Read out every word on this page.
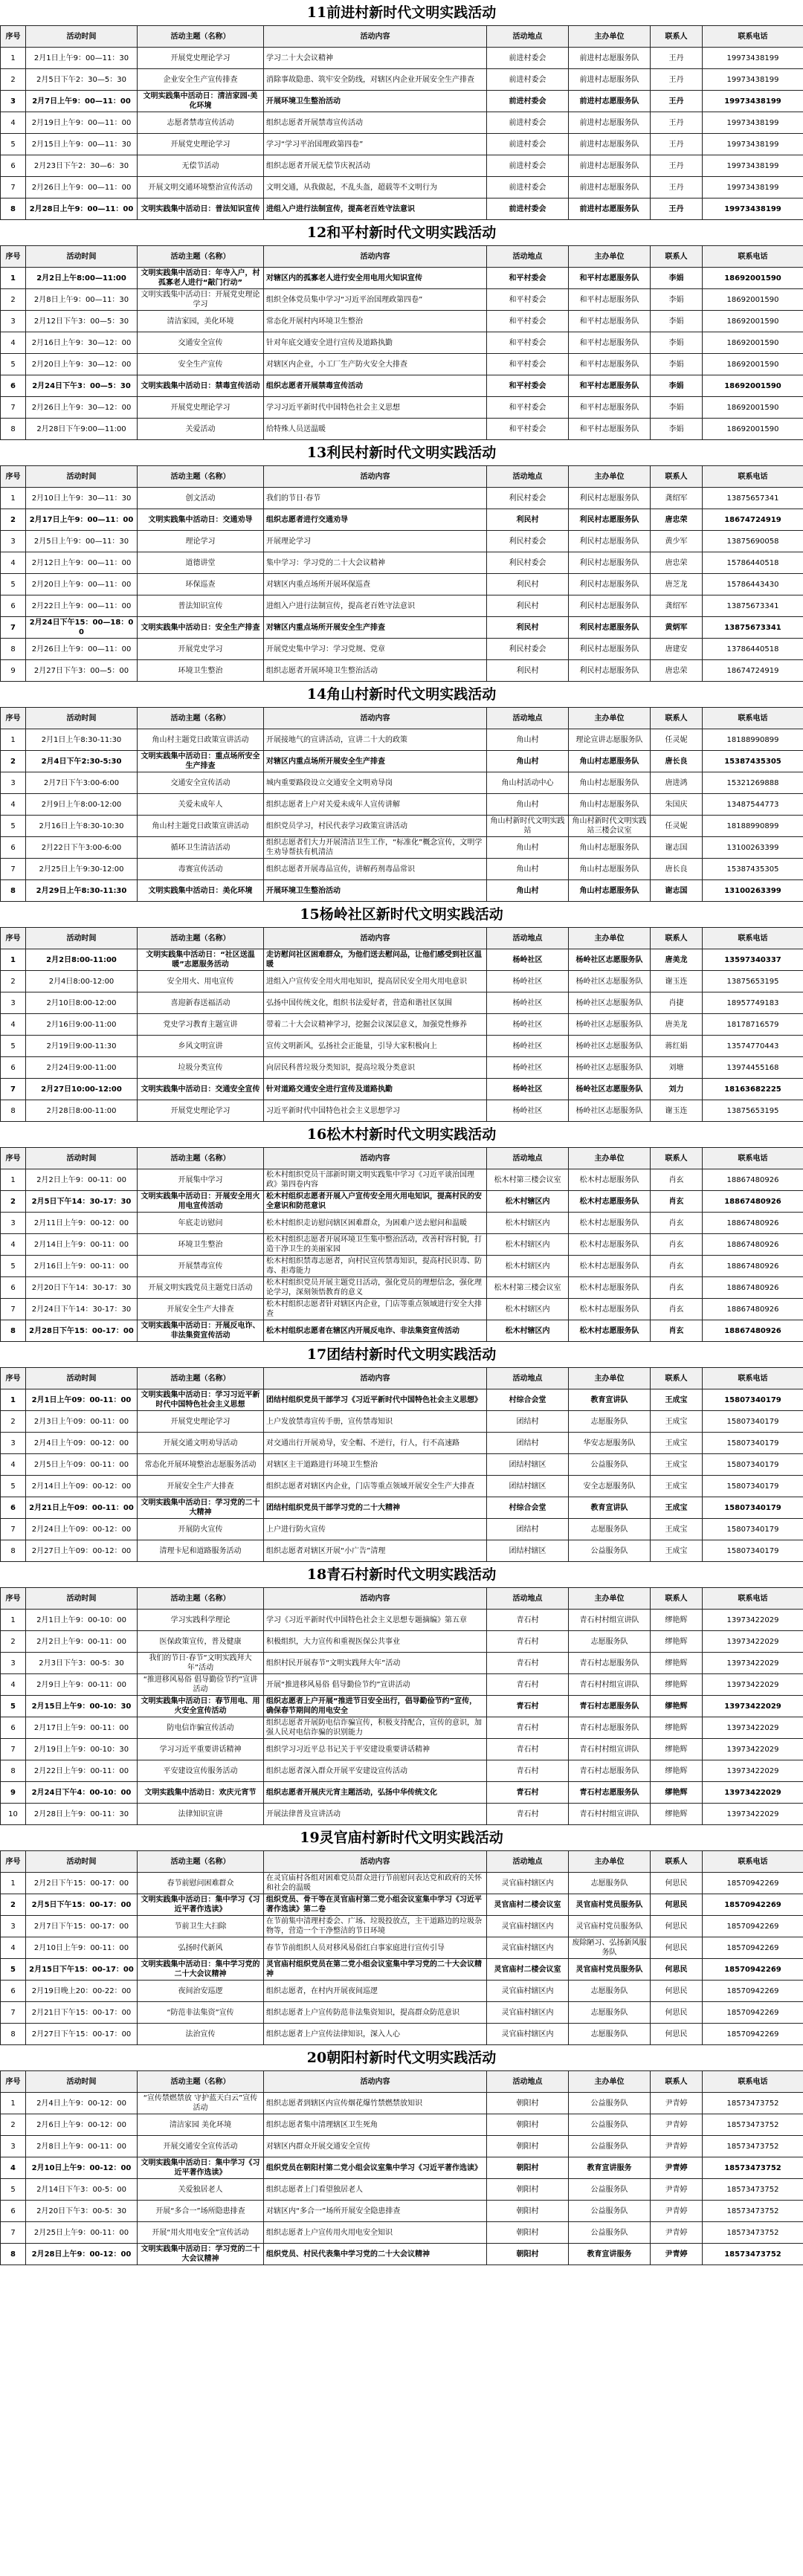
11前进村新时代文明实践活动
序号	活动时间	活动主题（名称）	活动内容	活动地点	主办单位	联系人	联系电话
1	2月1日上午9：00—11：30	开展党史理论学习	学习二十大会议精神	前进村委会	前进村志愿服务队	王丹	19973438199
2	2月5日下午2：30—5：30	企业安全生产宣传排查	消除事故隐患、筑牢安全防线，对辖区内企业开展安全生产排查	前进村委会	前进村志愿服务队	王丹	19973438199
3	2月7日上午9：00—11：00	文明实践集中活动日：清洁家园·美化环境	开展环境卫生整治活动	前进村委会	前进村志愿服务队	王丹	19973438199
4	2月19日上午9：00—11：00	志愿者禁毒宣传活动	组织志愿者开展禁毒宣传活动	前进村委会	前进村志愿服务队	王丹	19973438199
5	2月15日上午9：00—11：30	开展党史理论学习	学习“学习平治国理政第四卷”	前进村委会	前进村志愿服务队	王丹	19973438199
6	2月23日下午2：30—6：30	无偿节活动	组织志愿者开展无偿节庆祝活动	前进村委会	前进村志愿服务队	王丹	19973438199
7	2月26日上午9：00—11：00	开展文明交通环境整治宣传活动	文明交通，从我做起，不乱头盔，超载等不文明行为	前进村委会	前进村志愿服务队	王丹	19973438199
8	2月28日上午9：00—11：00	文明实践集中活动日：普法知识宣传	进组入户进行法制宣传，提高老百姓守法意识	前进村委会	前进村志愿服务队	王丹	19973438199
12和平村新时代文明实践活动
序号	活动时间	活动主题（名称）	活动内容	活动地点	主办单位	联系人	联系电话
1	2月2日上午8:00—11:00	文明实践集中活动日：年寺入户，村孤寡老人进行“敲门行动”	对辖区内的孤寡老人进行安全用电用火知识宣传	和平村委会	和平村志愿服务队	李娟	18692001590
2	2月8日上午9：00—11：30	文明实践集中活动日：开展党史理论学习	组织全体党员集中学习“习近平治国理政第四卷”	和平村委会	和平村志愿服务队	李娟	18692001590
3	2月12日下午3：00—5：30	清洁家园，美化环境	常态化开展村内环境卫生整治	和平村委会	和平村志愿服务队	李娟	18692001590
4	2月16日上午9：30—12：00	交通安全宣传	针对年底交通安全进行宣传及道路执勤	和平村委会	和平村志愿服务队	李娟	18692001590
5	2月20日上午9：30—12：00	安全生产宣传	对辖区内企业，小工厂生产防火安全大排查	和平村委会	和平村志愿服务队	李娟	18692001590
6	2月24日下午3：00—5：30	文明实践集中活动日：禁毒宣传活动	组织志愿者开展禁毒宣传活动	和平村委会	和平村志愿服务队	李娟	18692001590
7	2月26日上午9：30—12：00	开展党史理论学习	学习习近平新时代中国特色社会主义思想	和平村委会	和平村志愿服务队	李娟	18692001590
8	2月28日下午9:00—11:00	关爱活动	给特殊人员送温暖	和平村委会	和平村志愿服务队	李娟	18692001590
13利民村新时代文明实践活动
序号	活动时间	活动主题（名称）	活动内容	活动地点	主办单位	联系人	联系电话
1	2月10日上午9：30—11：30	创文活动	我们的节日·春节	利民村委会	利民村志愿服务队	龚绍军	13875657341
2	2月17日上午9：00—11：00	文明实践集中活动日：交通劝导	组织志愿者进行交通劝导	利民村	利民村志愿服务队	唐忠荣	18674724919
3	2月5日上午9：00—11：30	理论学习	开展理论学习	利民村委会	利民村志愿服务队	黄少军	13875690058
4	2月12日上午9：00—11：00	道德讲堂	集中学习：学习党的二十大会议精神	利民村委会	利民村志愿服务队	唐忠荣	15786440518
5	2月20日上午9：00—11：00	环保巡查	对辖区内重点场所开展环保巡查	利民村	利民村志愿服务队	唐芝龙	15786443430
6	2月22日上午9：00—11：00	普法知识宣传	进组入户进行法制宣传，提高老百姓守法意识	利民村	利民村志愿服务队	龚绍军	13875673341
7	2月24日下午15：00—18：00	文明实践集中活动日：安全生产排查	对辖区内重点场所开展安全生产排查	利民村	利民村志愿服务队	黄炳军	13875673341
8	2月26日上午9：00—11：00	开展党史学习	开展党史集中学习：学习党规、党章	利民村委会	利民村志愿服务队	唐建安	13786440518
9	2月27日下午3：00—5：00	环境卫生整治	组织志愿者开展环境卫生整治活动	利民村	利民村志愿服务队	唐忠荣	18674724919
14角山村新时代文明实践活动
序号	活动时间	活动主题（名称）	活动内容	活动地点	主办单位	联系人	联系电话
1	2月1日上午8:30-11:30	角山村主题党日政策宣讲活动	开展接地气的宣讲活动，宣讲二十大的政策	角山村	理论宣讲志愿服务队	任灵妮	18188990899
2	2月4日下午2:30-5:30	文明实践集中活动日：重点场所安全生产排查	对辖区内重点场所开展安全生产排查	角山村	角山村志愿服务队	唐长良	15387435305
3	2月7日下午3:00-6:00	交通安全宣传活动	城内重要路段设立交通安全文明劝导岗	角山村活动中心	角山村志愿服务队	唐进鸿	15321269888
4	2月9日上午8:00-12:00	关爱未成年人	组织志愿者上户对关爱未成年人宣传讲解	角山村	角山村志愿服务队	朱国庆	13487544773
5	2月16日上午8:30-10:30	角山村主题党日政策宣讲活动	组织党员学习，村民代表学习政策宣讲活动	角山村新时代文明实践站	角山村新时代文明实践站三楼会议室	任灵妮	18188990899
6	2月22日下午3:00-6:00	循环卫生清洁活动	组织志愿者们大力开展清洁卫生工作，“标准化”概念宣传，文明学生劝导帮扶有机清洁	角山村	角山村志愿服务队	谢志国	13100263399
7	2月25日上午9:30-12:00	毒赛宣传活动	组织志愿者开展毒品宣传，讲解药剂毒品常识	角山村	角山村志愿服务队	唐长良	15387435305
8	2月29日上午8:30-11:30	文明实践集中活动日：美化环境	开展环境卫生整治活动	角山村	角山村志愿服务队	谢志国	13100263399
15杨岭社区新时代文明实践活动
序号	活动时间	活动主题（名称）	活动内容	活动地点	主办单位	联系人	联系电话
1	2月2日8:00-11:00	文明实践集中活动日：“社区送温暖”志愿服务活动	走访慰问社区困难群众，为他们送去慰问品，让他们感受到社区温暖	杨岭社区	杨岭社区志愿服务队	唐美龙	13597340337
2	2月4日8:00-12:00	安全用火、用电宣传	进组入户宣传安全用火用电知识，提高居民安全用火用电意识	杨岭社区	杨岭社区志愿服务队	谢玉连	13875653195
3	2月10日8:00-12:00	喜迎新春送福活动	弘扬中国传统文化，组织书法爱好者，营造和谐社区氛围	杨岭社区	杨岭社区志愿服务队	肖捷	18957749183
4	2月16日9:00-11:00	党史学习教育主题宣讲	带着二十大会议精神学习，挖掘会议深层意义，加强党性修养	杨岭社区	杨岭社区志愿服务队	唐美龙	18178716579
5	2月19日9:00-11:30	乡风文明宣讲	宣传文明新风，弘扬社会正能量，引导大家积极向上	杨岭社区	杨岭社区志愿服务队	蒋红娟	13574770443
6	2月24日9:00-11:00	垃圾分类宣传	向居民科普垃圾分类知识，提高垃圾分类意识	杨岭社区	杨岭社区志愿服务队	刘塘	13974455168
7	2月27日10:00-12:00	文明实践集中活动日：交通安全宣传	针对道路交通安全进行宣传及道路执勤	杨岭社区	杨岭社区志愿服务队	刘力	18163682225
8	2月28日8:00-11:00	开展党史理论学习	习近平新时代中国特色社会主义思想学习	杨岭社区	杨岭社区志愿服务队	谢玉连	13875653195
16松木村新时代文明实践活动
序号	活动时间	活动主题（名称）	活动内容	活动地点	主办单位	联系人	联系电话
1	2月2日上午9：00-11：00	开展集中学习	松木村组织党员干部新时期文明实践集中学习《习近平谈治国理政》第四卷内容	松木村第三楼会议室	松木村志愿服务队	肖玄	18867480926
2	2月5日下午14：30-17：30	文明实践集中活动日：开展安全用火用电宣传活动	松木村组织志愿者开展入户宣传安全用火用电知识，提高村民的安全意识和防范意识	松木村辖区内	松木村志愿服务队	肖玄	18867480926
3	2月11日上午9：00-12：00	年底走访慰问	松木村组织走访慰问辖区困难群众，为困难户送去慰问和温暖	松木村辖区内	松木村志愿服务队	肖玄	18867480926
4	2月14日上午9：00-11：00	环境卫生整治	松木村组织志愿者开展环境卫生集中整治活动，改善村容村貌，打造干净卫生的美丽家园	松木村辖区内	松木村志愿服务队	肖玄	18867480926
5	2月16日上午9：00-11：00	开展禁毒宣传	松木村组织禁毒志愿者，向村民宣传禁毒知识，提高村民识毒、防毒、拒毒能力	松木村辖区内	松木村志愿服务队	肖玄	18867480926
6	2月20日下午14：30-17：30	开展文明实践党员主题党日活动	松木村组织党员开展主题党日活动，强化党员的理想信念，强化理论学习，深刻领悟教育的意义	松木村第三楼会议室	松木村志愿服务队	肖玄	18867480926
7	2月24日下午14：30-17：30	开展安全生产大排查	松木村组织志愿者针对辖区内企业，门店等重点领域进行安全大排查	松木村辖区内	松木村志愿服务队	肖玄	18867480926
8	2月28日下午15：00-17：00	文明实践集中活动日：开展反电诈、非法集资宣传活动	松木村组织志愿者在辖区内开展反电诈、非法集资宣传活动	松木村辖区内	松木村志愿服务队	肖玄	18867480926
17团结村新时代文明实践活动
序号	活动时间	活动主题（名称）	活动内容	活动地点	主办单位	联系人	联系电话
1	2月1日上午09：00-11：00	文明实践集中活动日：学习习近平新时代中国特色社会主义思想	团结村组织党员干部学习《习近平新时代中国特色社会主义思想》	村综合会堂	教育宣讲队	王成宝	15807340179
2	2月3日上午09：00-11：00	开展党史理论学习	上户发放禁毒宣传手册，宣传禁毒知识	团结村	志愿服务队	王成宝	15807340179
3	2月4日上午09：00-12：00	开展交通文明劝导活动	对交通出行开展劝导，安全帽、不逆行，行人，行不高速路	团结村	华安志愿服务队	王成宝	15807340179
4	2月5日上午09：00-11：00	常态化开展环境整治志愿服务活动	对辖区主干道路进行环境卫生整治	团结村辖区	公益服务队	王成宝	15807340179
5	2月14日上午09：00-12：00	开展安全生产大排查	组织志愿者对辖区内企业，门店等重点领域开展安全生产大排查	团结村辖区	安全志愿服务队	王成宝	15807340179
6	2月21日上午09：00-11：00	文明实践集中活动日：学习党的二十大精神	团结村组织党员干部学习党的二十大精神	村综合会堂	教育宣讲队	王成宝	15807340179
7	2月24日上午09：00-12：00	开展防火宣传	上户进行防火宣传	团结村	志愿服务队	王成宝	15807340179
8	2月27日上午09：00-12：00	清理卡尼和道路服务活动	组织志愿者对辖区开展“小广告”清理	团结村辖区	公益服务队	王成宝	15807340179
18青石村新时代文明实践活动
序号	活动时间	活动主题（名称）	活动内容	活动地点	主办单位	联系人	联系电话
1	2月1日上午9：00-10：00	学习实践科学理论	学习《习近平新时代中国特色社会主义思想专题摘编》第五章	青石村	青石村村组宣讲队	缪艳辉	13973422029
2	2月2日上午9：00-11：00	医保政策宣传，普及健康	积极组织，大力宣传和重视医保公共事业	青石村	志愿服务队	缪艳辉	13973422029
3	2月3日下午3：00-5：30	我们的节日·春节“文明实践拜大年”活动	组织村民开展春节“文明实践拜大年”活动	青石村	青石村志愿服务队	缪艳辉	13973422029
4	2月9日上午9：00-11：00	“推进移风易俗 倡导勤俭节约”宣讲活动	开展“推进移风易俗 倡导勤俭节约”宣讲活动	青石村	青石村村组宣讲队	缪艳辉	13973422029
5	2月15日上午9：00-10：30	文明实践集中活动日：春节用电、用火安全宣传活动	组织志愿者上户开展“推进节日安全出行，倡导勤俭节约”宣传，确保春节期间的用电安全	青石村	青石村志愿服务队	缪艳辉	13973422029
6	2月17日上午9：00-11：00	防电信诈骗宣传活动	组织志愿者开展防电信诈骗宣传，积极支持配合，宣传的意识，加强人民对电信诈骗的识别能力	青石村	青石村志愿服务队	缪艳辉	13973422029
7	2月19日上午9：00-10：30	学习习近平重要讲话精神	组织学习习近平总书记关于平安建设重要讲话精神	青石村	青石村村组宣讲队	缪艳辉	13973422029
8	2月22日上午9：00-11：00	平安建设宣传服务活动	组织志愿者深入群众开展平安建设宣传活动	青石村	青石村志愿服务队	缪艳辉	13973422029
9	2月24日下午4：00-10：00	文明实践集中活动日：欢庆元宵节	组织志愿者开展庆元宵主题活动，弘扬中华传统文化	青石村	青石村志愿服务队	缪艳辉	13973422029
10	2月28日上午9：00-11：30	法律知识宣讲	开展法律普及宣讲活动	青石村	青石村村组宣讲队	缪艳辉	13973422029
19灵官庙村新时代文明实践活动
序号	活动时间	活动主题（名称）	活动内容	活动地点	主办单位	联系人	联系电话
1	2月2日下午15：00-17：00	春节前慰问困难群众	在灵官庙村各组对困难党员群众进行节前慰问表达党和政府的关怀和社会的温暖	灵官庙村辖区内	志愿服务队	何思民	18570942269
2	2月5日下午15：00-17：00	文明实践集中活动日：集中学习《习近平著作选读》	组织党员、骨干等在灵官庙村第二党小组会议室集中学习《习近平著作选读》第二卷	灵官庙村二楼会议室	灵官庙村党员服务队	何思民	18570942269
3	2月7日下午15：00-17：00	节前卫生大扫除	在节前集中清理村委会、广场、垃圾投放点，主干道路边的垃圾杂物等，营造一个干净整洁的节日环境	灵官庙村辖区内	灵官庙村党员服务队	何思民	18570942269
4	2月10日上午9：00-11：00	弘扬时代新风	春节节前组织人员对移风易俗红白事家庭进行宣传引导	灵官庙村辖区内	废除陋习、弘扬新风服务队	何思民	18570942269
5	2月15日下午15：00-17：00	文明实践集中活动日：集中学习党的二十大会议精神	灵官庙村组织党员在第二党小组会议室集中学习党的二十大会议精神	灵官庙村二楼会议室	灵官庙村党员服务队	何思民	18570942269
6	2月19日晚上20：00-22：00	夜间治安巡逻	组织志愿者，在村内开展夜间巡逻	灵官庙村辖区内	志愿服务队	何思民	18570942269
7	2月21日下午15：00-17：00	“防范非法集资”宣传	组织志愿者上户宣传防范非法集资知识，提高群众防范意识	灵官庙村辖区内	志愿服务队	何思民	18570942269
8	2月27日下午15：00-17：00	法治宣传	组织志愿者上户宣传法律知识，深入人心	灵官庙村辖区内	志愿服务队	何思民	18570942269
20朝阳村新时代文明实践活动
序号	活动时间	活动主题（名称）	活动内容	活动地点	主办单位	联系人	联系电话
1	2月4日上午9：00-12：00	“宣传禁燃禁放 守护蓝天白云”宣传活动	组织志愿者到辖区内宣传烟花爆竹禁燃禁放知识	朝阳村	公益服务队	尹青婷	18573473752
2	2月6日上午9：00-12：00	清洁家园 美化环境	组织志愿者集中清理辖区卫生死角	朝阳村	公益服务队	尹青婷	18573473752
3	2月8日上午9：00-11：00	开展交通安全宣传活动	对辖区内群众开展交通安全宣传	朝阳村	公益服务队	尹青婷	18573473752
4	2月10日上午9：00-12：00	文明实践集中活动日：集中学习《习近平著作选读》	组织党员在朝阳村第二党小组会议室集中学习《习近平著作选读》	朝阳村	教育宣讲服务	尹青婷	18573473752
5	2月14日下午3：00-5：00	关爱独居老人	组织志愿者上门看望独居老人	朝阳村	公益服务队	尹青婷	18573473752
6	2月20日下午3：00-5：30	开展“多合一”场所隐患排查	对辖区内“多合一”场所开展安全隐患排查	朝阳村	公益服务队	尹青婷	18573473752
7	2月25日上午9：00-11：00	开展“用火用电安全”宣传活动	组织志愿者上户宣传用火用电安全知识	朝阳村	公益服务队	尹青婷	18573473752
8	2月28日上午9：00-12：00	文明实践集中活动日：学习党的二十大会议精神	组织党员、村民代表集中学习党的二十大会议精神	朝阳村	教育宣讲服务	尹青婷	18573473752
